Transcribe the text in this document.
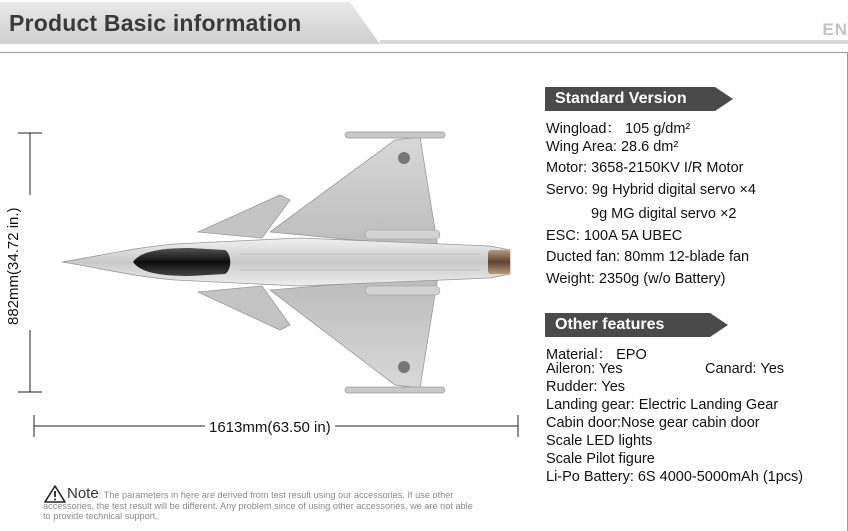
Product Basic information	EN
882mm(34.72 in.)
1613mm(63.50 in)
Standard Version
Wingload： 105 g/dm²
Wing Area: 28.6 dm²
Motor: 3658-2150KV I/R Motor
Servo: 9g Hybrid digital servo ×4
9g MG digital servo ×2
ESC: 100A 5A UBEC
Ducted fan: 80mm 12-blade fan
Weight: 2350g (w/o Battery)
Other features
Material： EPO
Aileron: Yes	Canard: Yes
Rudder: Yes
Landing gear: Electric Landing Gear
Cabin door:Nose gear cabin door
Scale LED lights
Scale Pilot figure
Li-Po Battery: 6S 4000-5000mAh (1pcs)
Note: The parameters in here are derived from test result using our accessories. If use other accessories, the test result will be different. Any problem since of using other accessories, we are not able to provide technical support.
